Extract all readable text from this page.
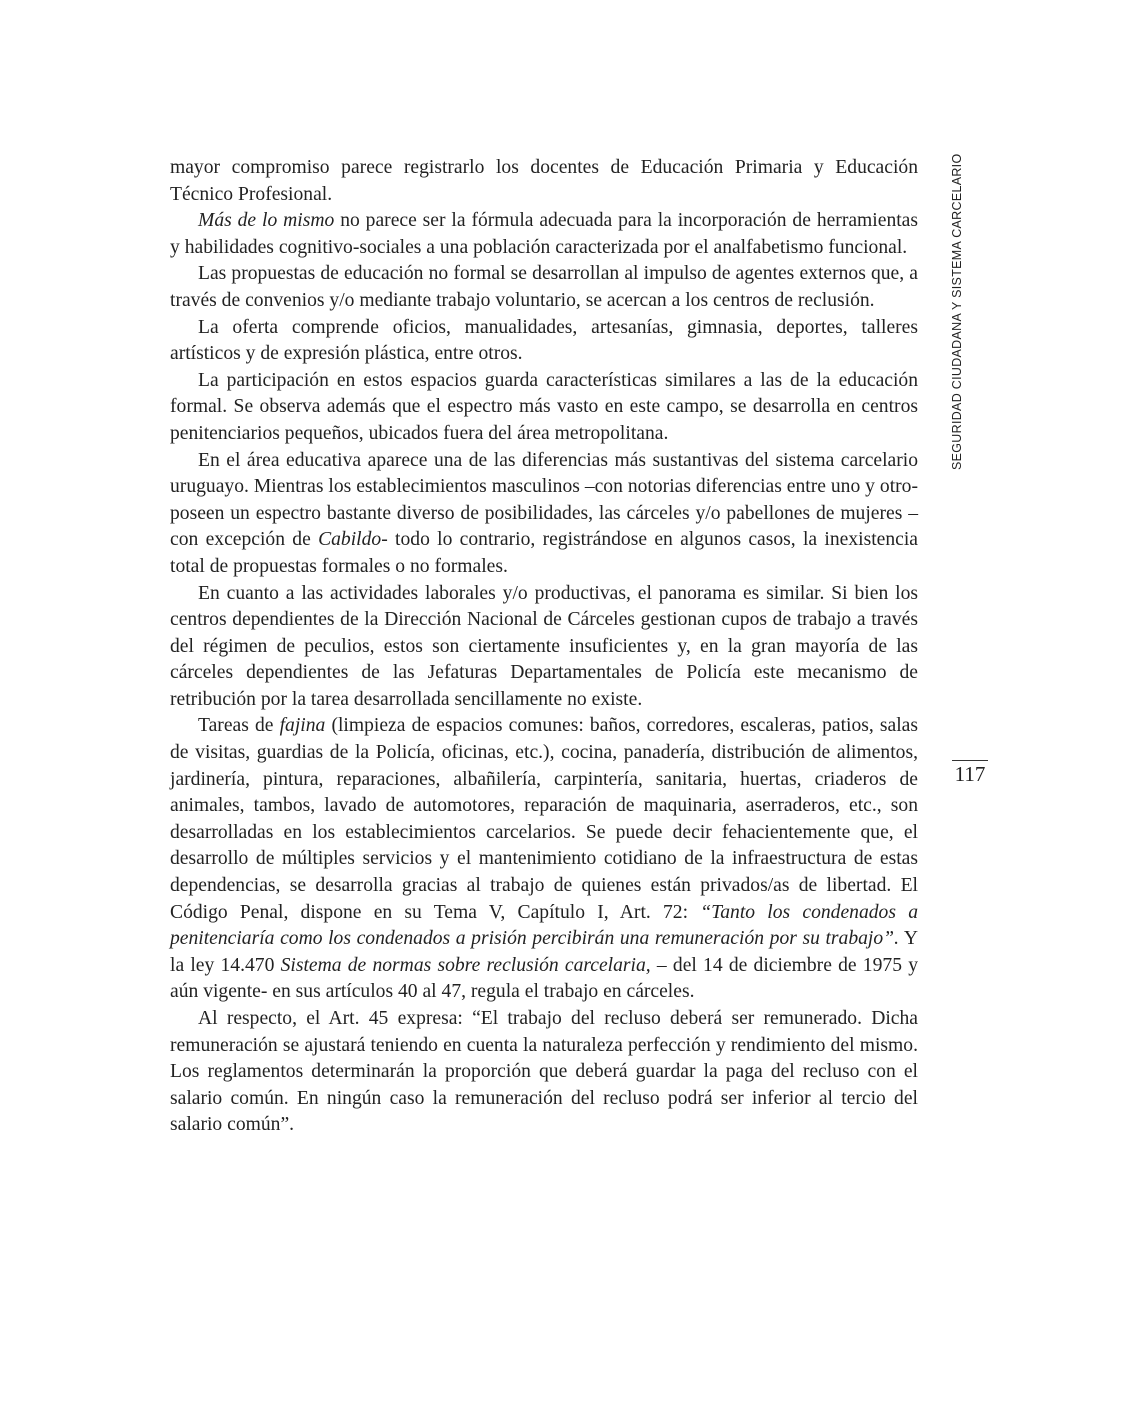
mayor compromiso parece registrarlo los docentes de Educación Primaria y Educación Técnico Profesional.

Más de lo mismo no parece ser la fórmula adecuada para la incorporación de herramientas y habilidades cognitivo-sociales a una población caracterizada por el analfabetismo funcional.

Las propuestas de educación no formal se desarrollan al impulso de agentes externos que, a través de convenios y/o mediante trabajo voluntario, se acercan a los centros de reclusión.

La oferta comprende oficios, manualidades, artesanías, gimnasia, deportes, talleres artísticos y de expresión plástica, entre otros.

La participación en estos espacios guarda características similares a las de la educación formal. Se observa además que el espectro más vasto en este campo, se desarrolla en centros penitenciarios pequeños, ubicados fuera del área metropolitana.

En el área educativa aparece una de las diferencias más sustantivas del sistema carcelario uruguayo. Mientras los establecimientos masculinos –con notorias diferencias entre uno y otro- poseen un espectro bastante diverso de posibilidades, las cárceles y/o pabellones de mujeres –con excepción de Cabildo- todo lo contrario, registrándose en algunos casos, la inexistencia total de propuestas formales o no formales.

En cuanto a las actividades laborales y/o productivas, el panorama es similar. Si bien los centros dependientes de la Dirección Nacional de Cárceles gestionan cupos de trabajo a través del régimen de peculios, estos son ciertamente insuficientes y, en la gran mayoría de las cárceles dependientes de las Jefaturas Departamentales de Policía este mecanismo de retribución por la tarea desarrollada sencillamente no existe.

Tareas de fajina (limpieza de espacios comunes: baños, corredores, escaleras, patios, salas de visitas, guardias de la Policía, oficinas, etc.), cocina, panadería, distribución de alimentos, jardinería, pintura, reparaciones, albañilería, carpintería, sanitaria, huertas, criaderos de animales, tambos, lavado de automotores, reparación de maquinaria, aserraderos, etc., son desarrolladas en los establecimientos carcelarios. Se puede decir fehacientemente que, el desarrollo de múltiples servicios y el mantenimiento cotidiano de la infraestructura de estas dependencias, se desarrolla gracias al trabajo de quienes están privados/as de libertad. El Código Penal, dispone en su Tema V, Capítulo I, Art. 72: “Tanto los condenados a penitenciaría como los condenados a prisión percibirán una remuneración por su trabajo”. Y la ley 14.470 Sistema de normas sobre reclusión carcelaria, – del 14 de diciembre de 1975 y aún vigente- en sus artículos 40 al 47, regula el trabajo en cárceles.

Al respecto, el Art. 45 expresa: “El trabajo del recluso deberá ser remunerado. Dicha remuneración se ajustará teniendo en cuenta la naturaleza perfección y rendimiento del mismo. Los reglamentos determinarán la proporción que deberá guardar la paga del recluso con el salario común. En ningún caso la remuneración del recluso podrá ser inferior al tercio del salario común”.

SEGURIDAD CIUDADANA Y SISTEMA CARCELARIO
117
